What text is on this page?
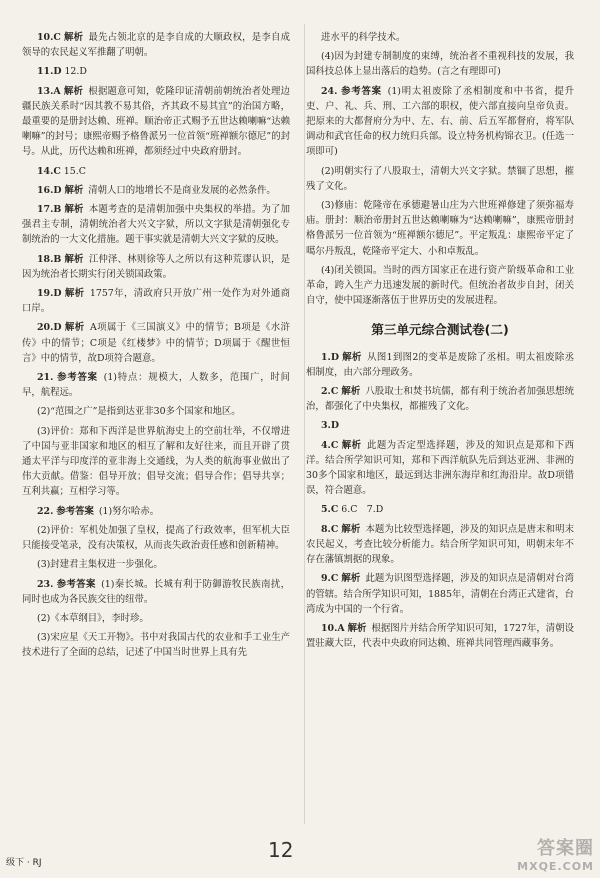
10.C 解析 最先占领北京的是李自成的大顺政权，是李自成领导的农民起义军推翻了明朝。

11.D 12.D

13.A 解析 根据题意可知，乾隆印证清朝前朝统治者处理边疆民族关系时“因其教不易其俗，齐其政不易其宜”的治国方略，最重要的是册封达赖、班禅。顺治帝正式赐予五世达赖喇嘛“达赖喇嘛”的封号；康熙帝赐予格鲁派另一位首领“班禅额尔德尼”的封号。从此，历代达赖和班禅，都须经过中央政府册封。

14.C 15.C

16.D 解析 清朝人口的地增长不是商业发展的必然条件。

17.B 解析 本题考查的是清朝加强中央集权的举措。为了加强君主专制，清朝统治者大兴文字狱，所以文字狱是清朝强化专制统治的一大文化措施。题干事实就是清朝大兴文字狱的反映。

18.B 解析 江仲泽、林则徐等人之所以有这种荒谬认识，是因为统治者长期实行闭关锁国政策。

19.D 解析 1757年，清政府只开放广州一处作为对外通商口岸。

20.D 解析 A项属于《三国演义》中的情节；B项是《水浒传》中的情节；C项是《红楼梦》中的情节；D项属于《醒世恒言》中的情节，故D项符合题意。

21. 参考答案 (1)特点：规模大，人数多，范围广，时间早，航程远。

(2)“范围之广”是指到达亚非30多个国家和地区。

(3)评价：郑和下西洋是世界航海史上的空前壮举，不仅增进了中国与亚非国家和地区的相互了解和友好往来，而且开辟了贯通太平洋与印度洋的亚非海上交通线，为人类的航海事业做出了伟大贡献。借鉴：倡导开放；倡导交流；倡导合作；倡导共享；互利共赢；互相学习等。

22. 参考答案 (1)努尔哈赤。

(2)评价：军机处加强了皇权，提高了行政效率，但军机大臣只能接受笔录，没有决策权，从而丧失政治责任感和创新精神。

(3)封建君主集权进一步强化。

23. 参考答案 (1)秦长城。长城有利于防御游牧民族南扰，同时也成为各民族交往的纽带。

(2)《本草纲目》，李时珍。

(3)宋应星《天工开物》。书中对我国古代的农业和手工业生产技术进行了全面的总结，记述了中国当时世界上具有先

进水平的科学技术。

(4)因为封建专制制度的束缚，统治者不重视科技的发展，我国科技总体上显出落后的趋势。(言之有理即可)

24. 参考答案 (1)明太祖废除了丞相制度和中书省，提升吏、户、礼、兵、刑、工六部的职权，使六部直接向皇帝负责。把原来的大都督府分为中、左、右、前、后五军都督府，将军队调动和武官任命的权力统归兵部。设立特务机构锦衣卫。(任选一项即可)

(2)明朝实行了八股取士，清朝大兴文字狱。禁锢了思想，摧残了文化。

(3)修庙：乾隆帝在承德避暑山庄为六世班禅修建了须弥福寿庙。册封：顺治帝册封五世达赖喇嘛为“达赖喇嘛”，康熙帝册封格鲁派另一位首领为“班禅额尔德尼”。平定叛乱：康熙帝平定了噶尔丹叛乱，乾隆帝平定大、小和卓叛乱。

(4)闭关锁国。当时的西方国家正在进行资产阶级革命和工业革命，跨入生产力迅速发展的新时代。但统治者故步自封，闭关自守，使中国逐渐落伍于世界历史的发展进程。

第三单元综合测试卷(二)

1.D 解析 从图1到图2的变革是废除了丞相。明太祖废除丞相制度，由六部分理政务。

2.C 解析 八股取士和焚书坑儒，都有利于统治者加强思想统治，都强化了中央集权，都摧残了文化。

3.D

4.C 解析 此题为否定型选择题，涉及的知识点是郑和下西洋。结合所学知识可知，郑和下西洋航队先后到达亚洲、非洲的30多个国家和地区，最远到达非洲东海岸和红海沿岸。故D项错误，符合题意。

5.C 6.C　7.D

8.C 解析 本题为比较型选择题，涉及的知识点是唐末和明末农民起义，考查比较分析能力。结合所学知识可知，明朝末年不存在藩镇割据的现象。

9.C 解析 此题为识图型选择题，涉及的知识点是清朝对台湾的管辖。结合所学知识可知，1885年，清朝在台湾正式建省，台湾成为中国的一个行省。

10.A 解析 根据图片并结合所学知识可知，1727年，清朝设置驻藏大臣，代表中央政府同达赖、班禅共同管理西藏事务。

级下 · RJ
12	答案圈
MXQE.COM
